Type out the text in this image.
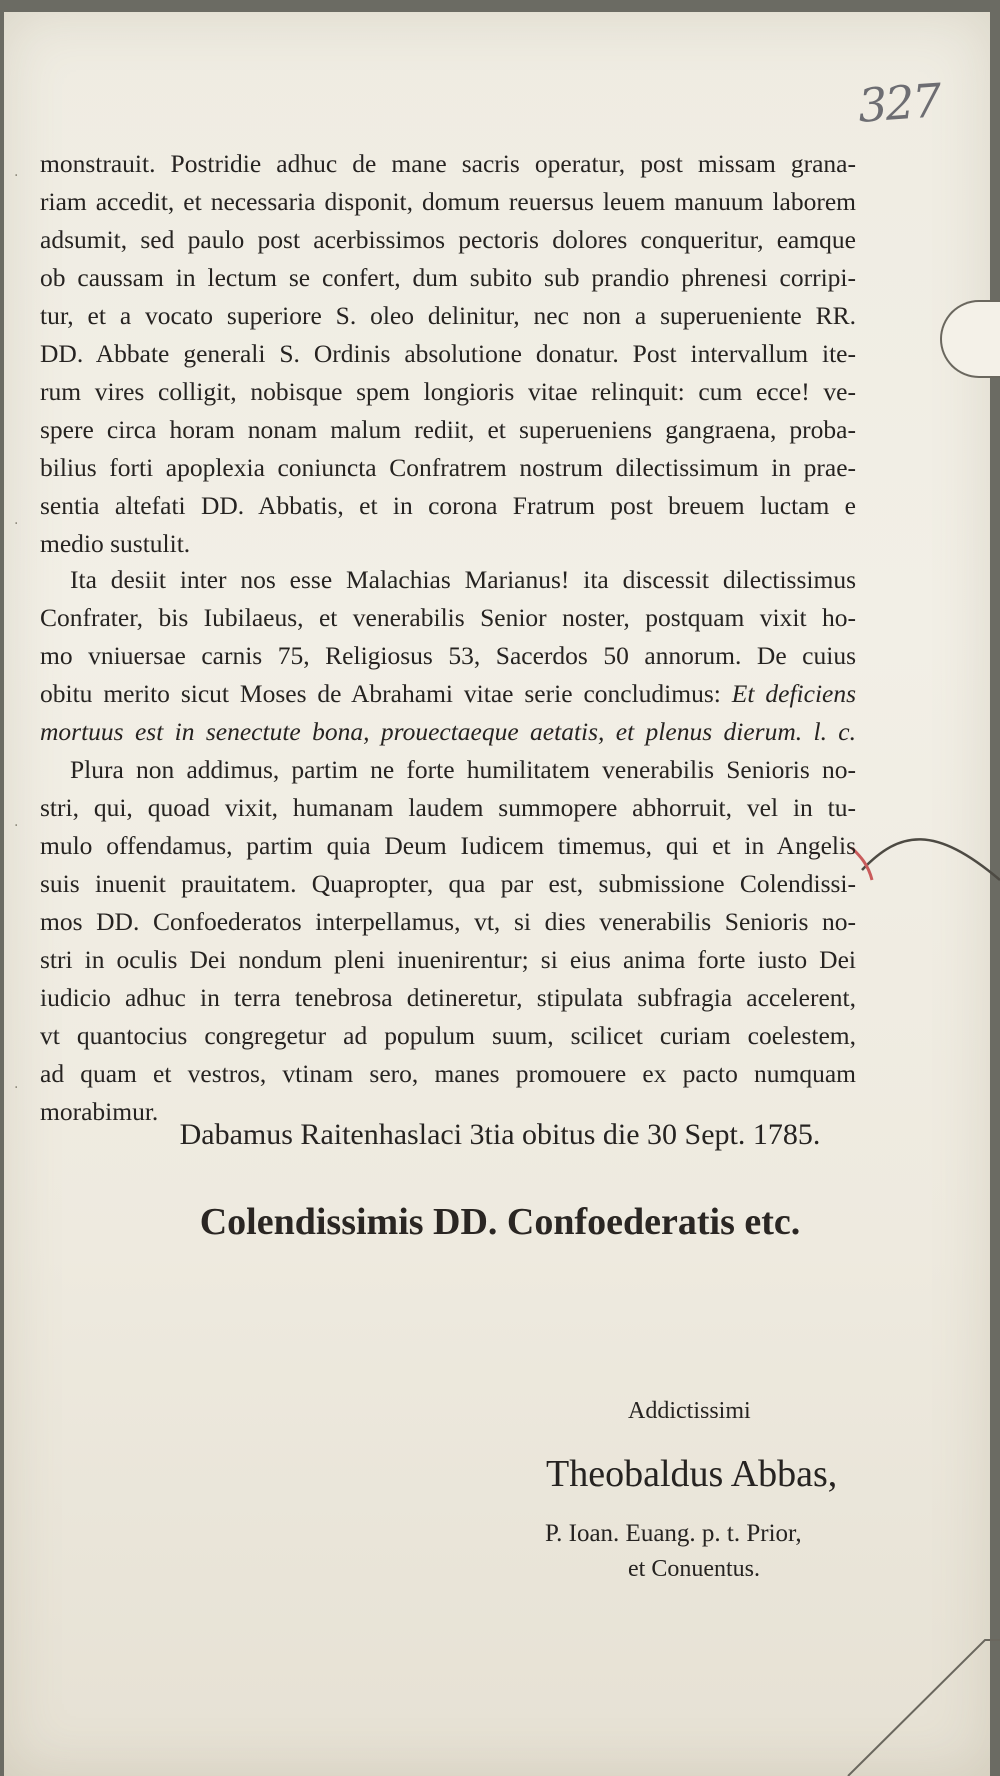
327
monstrauit. Postridie adhuc de mane sacris operatur, post missam grana-
riam accedit, et necessaria disponit, domum reuersus leuem manuum laborem
adsumit, sed paulo post acerbissimos pectoris dolores conqueritur, eamque
ob caussam in lectum se confert, dum subito sub prandio phrenesi corripi-
tur, et a vocato superiore S. oleo delinitur, nec non a superueniente RR.
DD. Abbate generali S. Ordinis absolutione donatur. Post intervallum ite-
rum vires colligit, nobisque spem longioris vitae relinquit: cum ecce! ve-
spere circa horam nonam malum rediit, et superueniens gangraena, proba-
bilius forti apoplexia coniuncta Confratrem nostrum dilectissimum in prae-
sentia altefati DD. Abbatis, et in corona Fratrum post breuem luctam e
medio sustulit.
Ita desiit inter nos esse Malachias Marianus! ita discessit dilectissimus
Confrater, bis Iubilaeus, et venerabilis Senior noster, postquam vixit ho-
mo vniuersae carnis 75, Religiosus 53, Sacerdos 50 annorum. De cuius
obitu merito sicut Moses de Abrahami vitae serie concludimus: Et deficiens
mortuus est in senectute bona, prouectaeque aetatis, et plenus dierum. l. c.
Plura non addimus, partim ne forte humilitatem venerabilis Senioris no-
stri, qui, quoad vixit, humanam laudem summopere abhorruit, vel in tu-
mulo offendamus, partim quia Deum Iudicem timemus, qui et in Angelis
suis inuenit prauitatem. Quapropter, qua par est, submissione Colendissi-
mos DD. Confoederatos interpellamus, vt, si dies venerabilis Senioris no-
stri in oculis Dei nondum pleni inuenirentur; si eius anima forte iusto Dei
iudicio adhuc in terra tenebrosa detineretur, stipulata subfragia accelerent,
vt quantocius congregetur ad populum suum, scilicet curiam coelestem,
ad quam et vestros, vtinam sero, manes promouere ex pacto numquam
morabimur.
Dabamus Raitenhaslaci 3tia obitus die 30 Sept. 1785.
Colendissimis DD. Confoederatis etc.
Addictissimi
Theobaldus Abbas,
P. Ioan. Euang. p. t. Prior,
et Conuentus.
·
·
·
·
